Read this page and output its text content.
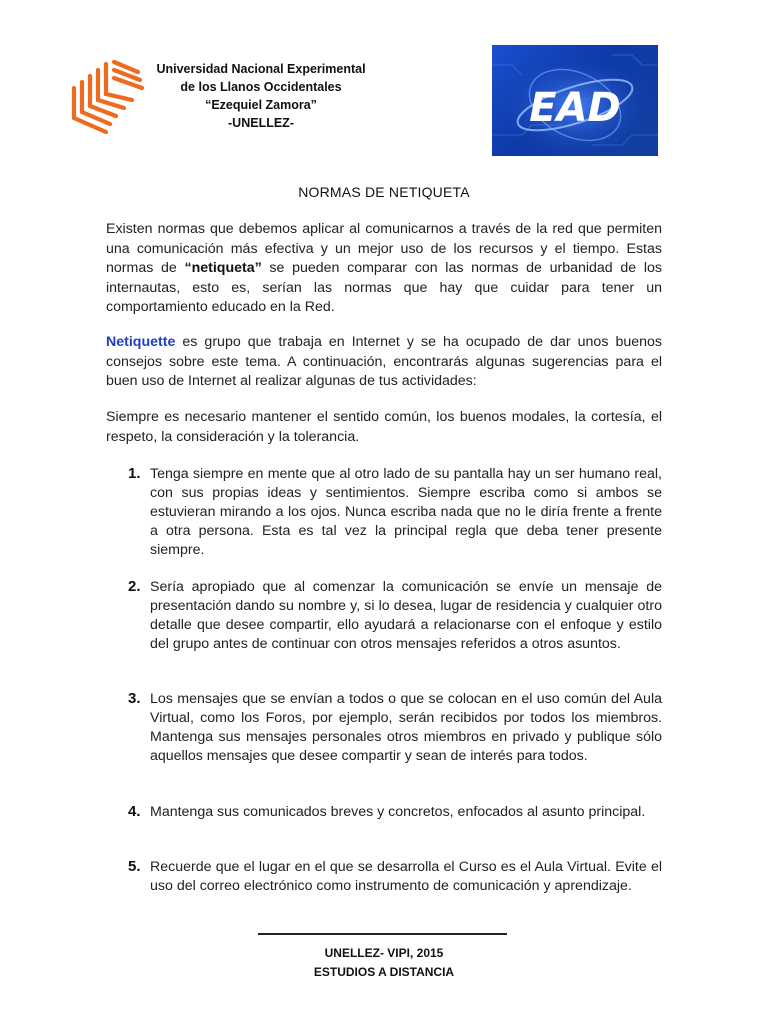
Universidad Nacional Experimental
de los Llanos Occidentales
“Ezequiel Zamora”
-UNELLEZ-	EAD
NORMAS DE NETIQUETA
Existen normas que debemos aplicar al comunicarnos a través de la red que permiten una comunicación más efectiva y un mejor uso de los recursos y el tiempo. Estas normas de “netiqueta” se pueden comparar con las normas de urbanidad de los internautas, esto es, serían las normas que hay que cuidar para tener un comportamiento educado en la Red.
Netiquette es grupo que trabaja en Internet y se ha ocupado de dar unos buenos consejos sobre este tema. A continuación, encontrarás algunas sugerencias para el buen uso de Internet al realizar algunas de tus actividades:
Siempre es necesario mantener el sentido común, los buenos modales, la cortesía, el respeto, la consideración y la tolerancia.
1. Tenga siempre en mente que al otro lado de su pantalla hay un ser humano real, con sus propias ideas y sentimientos. Siempre escriba como si ambos se estuvieran mirando a los ojos. Nunca escriba nada que no le diría frente a frente a otra persona. Esta es tal vez la principal regla que deba tener presente siempre.
2. Sería apropiado que al comenzar la comunicación se envíe un mensaje de presentación dando su nombre y, si lo desea, lugar de residencia y cualquier otro detalle que desee compartir, ello ayudará a relacionarse con el enfoque y estilo del grupo antes de continuar con otros mensajes referidos a otros asuntos.
3. Los mensajes que se envían a todos o que se colocan en el uso común del Aula Virtual, como los Foros, por ejemplo, serán recibidos por todos los miembros. Mantenga sus mensajes personales otros miembros en privado y publique sólo aquellos mensajes que desee compartir y sean de interés para todos.
4. Mantenga sus comunicados breves y concretos, enfocados al asunto principal.
5. Recuerde que el lugar en el que se desarrolla el Curso es el Aula Virtual. Evite el uso del correo electrónico como instrumento de comunicación y aprendizaje.
UNELLEZ- VIPI, 2015
ESTUDIOS A DISTANCIA
